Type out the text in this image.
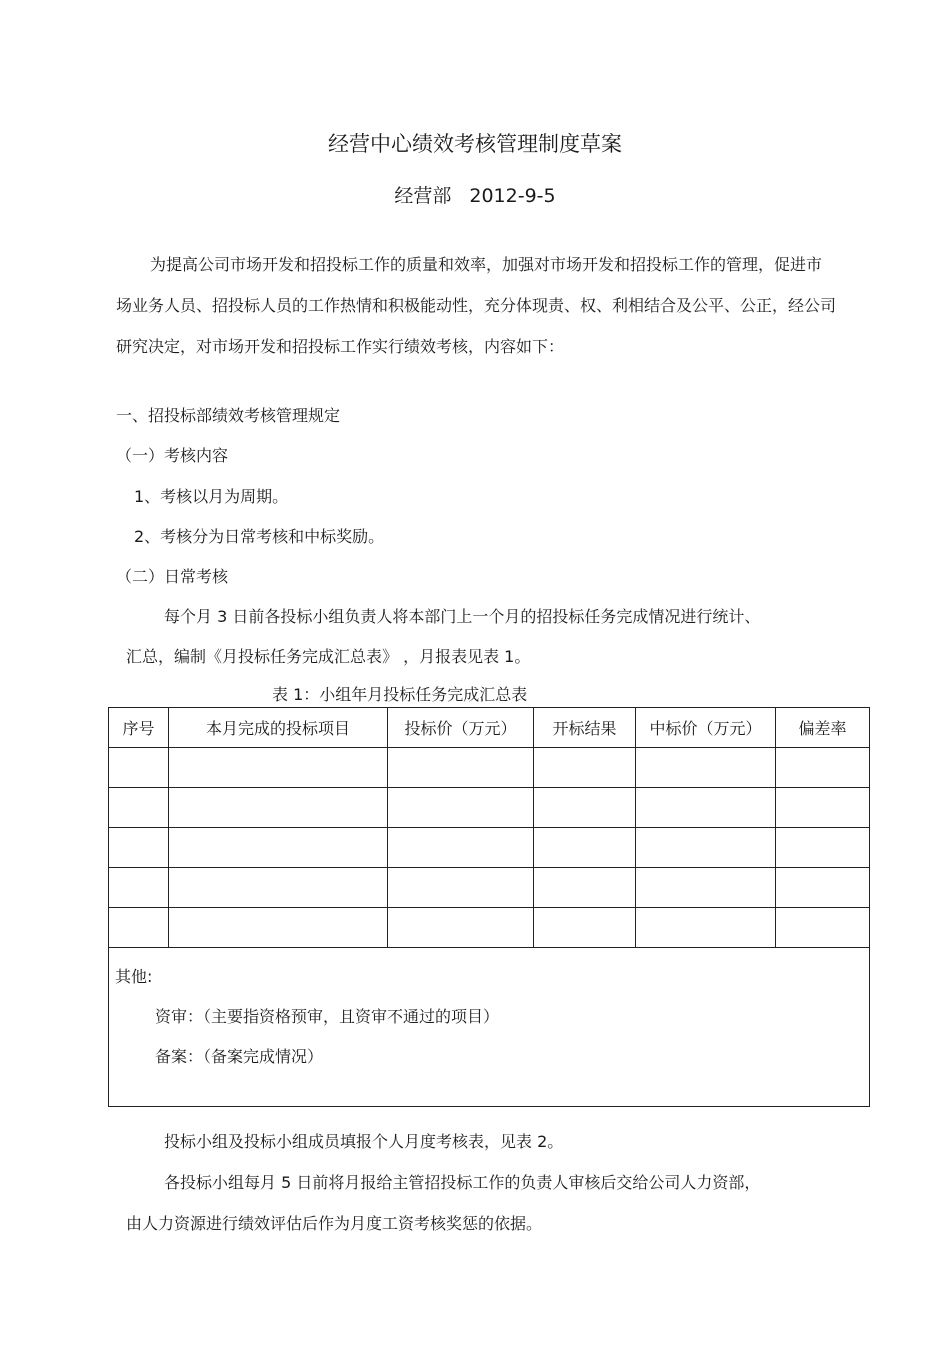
经营中心绩效考核管理制度草案
经营部 2012-9-5
为提高公司市场开发和招投标工作的质量和效率，加强对市场开发和招投标工作的管理，促进市场业务人员、招投标人员的工作热情和积极能动性，充分体现责、权、利相结合及公平、公正，经公司研究决定，对市场开发和招投标工作实行绩效考核，内容如下：
一、招投标部绩效考核管理规定
（一）考核内容
1、考核以月为周期。
2、考核分为日常考核和中标奖励。
（二）日常考核
每个月 3 日前各投标小组负责人将本部门上一个月的招投标任务完成情况进行统计、
汇总，编制《月投标任务完成汇总表》 ，月报表见表 1。
表 1：小组年月投标任务完成汇总表
序号	本月完成的投标项目	投标价（万元）	开标结果	中标价（万元）	偏差率

其他:
资审：（主要指资格预审，且资审不通过的项目）
备案：（备案完成情况）					
投标小组及投标小组成员填报个人月度考核表，见表 2。
各投标小组每月 5 日前将月报给主管招投标工作的负责人审核后交给公司人力资部，
由人力资源进行绩效评估后作为月度工资考核奖惩的依据。
